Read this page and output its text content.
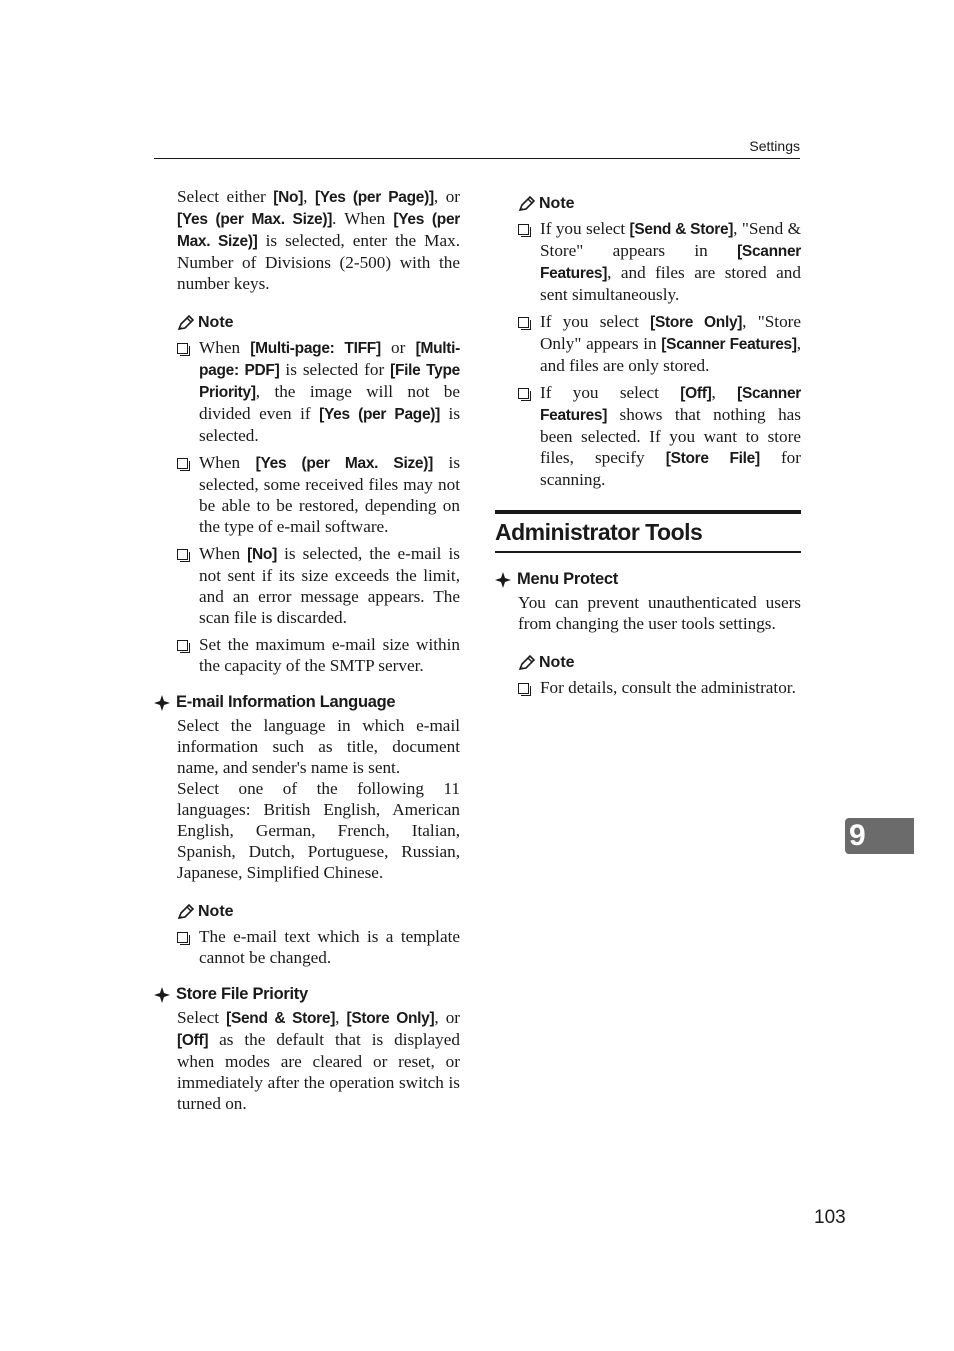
Settings

Select either [No], [Yes (per Page)], or [Yes (per Max. Size)]. When [Yes (per Max. Size)] is selected, enter the Max. Number of Divisions (2-500) with the number keys.

Note
When [Multi-page: TIFF] or [Multi-page: PDF] is selected for [File Type Priority], the image will not be divided even if [Yes (per Page)] is selected.
When [Yes (per Max. Size)] is selected, some received files may not be able to be restored, depending on the type of e-mail software.
When [No] is selected, the e-mail is not sent if its size exceeds the limit, and an error message appears. The scan file is discarded.
Set the maximum e-mail size within the capacity of the SMTP server.
E-mail Information Language

Select the language in which e-mail information such as title, document name, and sender's name is sent.

Select one of the following 11 languages: British English, American English, German, French, Italian, Spanish, Dutch, Portuguese, Russian, Japanese, Simplified Chinese.

Note
The e-mail text which is a template cannot be changed.
Store File Priority

Select [Send & Store], [Store Only], or [Off] as the default that is displayed when modes are cleared or reset, or immediately after the operation switch is turned on.

Note
If you select [Send & Store], "Send & Store" appears in [Scanner Features], and files are stored and sent simultaneously.
If you select [Store Only], "Store Only" appears in [Scanner Features], and files are only stored.
If you select [Off], [Scanner Features] shows that nothing has been selected. If you want to store files, specify [Store File] for scanning.
Administrator Tools
Menu Protect

You can prevent unauthenticated users from changing the user tools settings.

Note
For details, consult the administrator.
9
103
